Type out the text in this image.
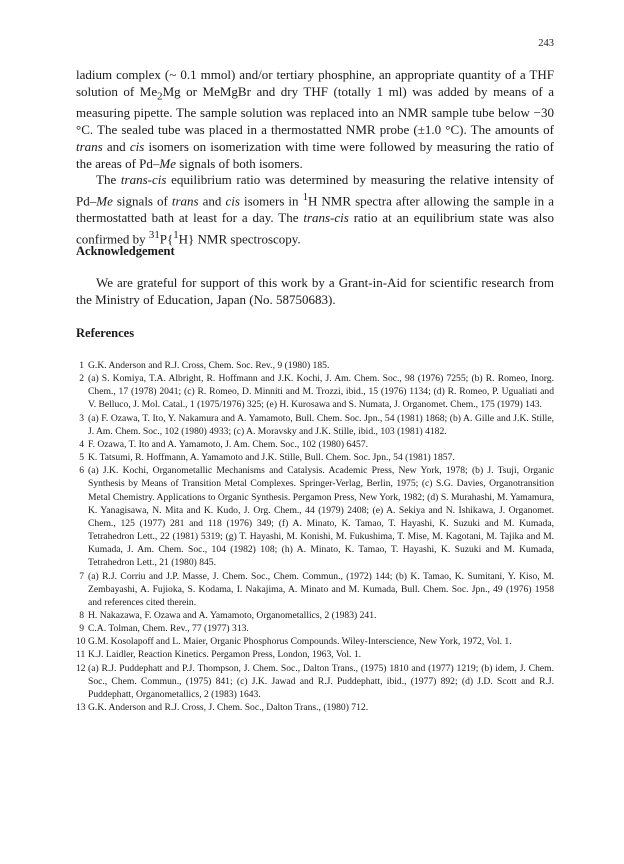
243

ladium complex (~ 0.1 mmol) and/or tertiary phosphine, an appropriate quantity of a THF solution of $Me_2Mg$ or MeMgBr and dry THF (totally 1 ml) was added by means of a measuring pipette. The sample solution was replaced into an NMR sample tube below −30 °C. The sealed tube was placed in a thermostatted NMR probe (±1.0 °C). The amounts of trans and cis isomers on isomerization with time were followed by measuring the ratio of the areas of Pd–Me signals of both isomers.

The trans-cis equilibrium ratio was determined by measuring the relative intensity of Pd–Me signals of trans and cis isomers in $^1$H NMR spectra after allowing the sample in a thermostatted bath at least for a day. The trans-cis ratio at an equilibrium state was also confirmed by $^{31}$P{$^1$H} NMR spectroscopy.

Acknowledgement

We are grateful for support of this work by a Grant-in-Aid for scientific research from the Ministry of Education, Japan (No. 58750683).

References
1 G.K. Anderson and R.J. Cross, Chem. Soc. Rev., 9 (1980) 185.
2 (a) S. Komiya, T.A. Albright, R. Hoffmann and J.K. Kochi, J. Am. Chem. Soc., 98 (1976) 7255; (b) R. Romeo, Inorg. Chem., 17 (1978) 2041; (c) R. Romeo, D. Minniti and M. Trozzi, ibid., 15 (1976) 1134; (d) R. Romeo, P. Ugualiati and V. Belluco, J. Mol. Catal., 1 (1975/1976) 325; (e) H. Kurosawa and S. Numata, J. Organomet. Chem., 175 (1979) 143.
3 (a) F. Ozawa, T. Ito, Y. Nakamura and A. Yamamoto, Bull. Chem. Soc. Jpn., 54 (1981) 1868; (b) A. Gille and J.K. Stille, J. Am. Chem. Soc., 102 (1980) 4933; (c) A. Moravsky and J.K. Stille, ibid., 103 (1981) 4182.
4 F. Ozawa, T. Ito and A. Yamamoto, J. Am. Chem. Soc., 102 (1980) 6457.
5 K. Tatsumi, R. Hoffmann, A. Yamamoto and J.K. Stille, Bull. Chem. Soc. Jpn., 54 (1981) 1857.
6 (a) J.K. Kochi, Organometallic Mechanisms and Catalysis. Academic Press, New York, 1978; (b) J. Tsuji, Organic Synthesis by Means of Transition Metal Complexes. Springer-Verlag, Berlin, 1975; (c) S.G. Davies, Organotransition Metal Chemistry. Applications to Organic Synthesis. Pergamon Press, New York, 1982; (d) S. Murahashi, M. Yamamura, K. Yanagisawa, N. Mita and K. Kudo, J. Org. Chem., 44 (1979) 2408; (e) A. Sekiya and N. Ishikawa, J. Organomet. Chem., 125 (1977) 281 and 118 (1976) 349; (f) A. Minato, K. Tamao, T. Hayashi, K. Suzuki and M. Kumada, Tetrahedron Lett., 22 (1981) 5319; (g) T. Hayashi, M. Konishi, M. Fukushima, T. Mise, M. Kagotani, M. Tajika and M. Kumada, J. Am. Chem. Soc., 104 (1982) 108; (h) A. Minato, K. Tamao, T. Hayashi, K. Suzuki and M. Kumada, Tetrahedron Lett., 21 (1980) 845.
7 (a) R.J. Corriu and J.P. Masse, J. Chem. Soc., Chem. Commun., (1972) 144; (b) K. Tamao, K. Sumitani, Y. Kiso, M. Zembayashi, A. Fujioka, S. Kodama, I. Nakajima, A. Minato and M. Kumada, Bull. Chem. Soc. Jpn., 49 (1976) 1958 and references cited therein.
8 H. Nakazawa, F. Ozawa and A. Yamamoto, Organometallics, 2 (1983) 241.
9 C.A. Tolman, Chem. Rev., 77 (1977) 313.
10 G.M. Kosolapoff and L. Maier, Organic Phosphorus Compounds. Wiley-Interscience, New York, 1972, Vol. 1.
11 K.J. Laidler, Reaction Kinetics. Pergamon Press, London, 1963, Vol. 1.
12 (a) R.J. Puddephatt and P.J. Thompson, J. Chem. Soc., Dalton Trans., (1975) 1810 and (1977) 1219; (b) idem, J. Chem. Soc., Chem. Commun., (1975) 841; (c) J.K. Jawad and R.J. Puddephatt, ibid., (1977) 892; (d) J.D. Scott and R.J. Puddephatt, Organometallics, 2 (1983) 1643.
13 G.K. Anderson and R.J. Cross, J. Chem. Soc., Dalton Trans., (1980) 712.
